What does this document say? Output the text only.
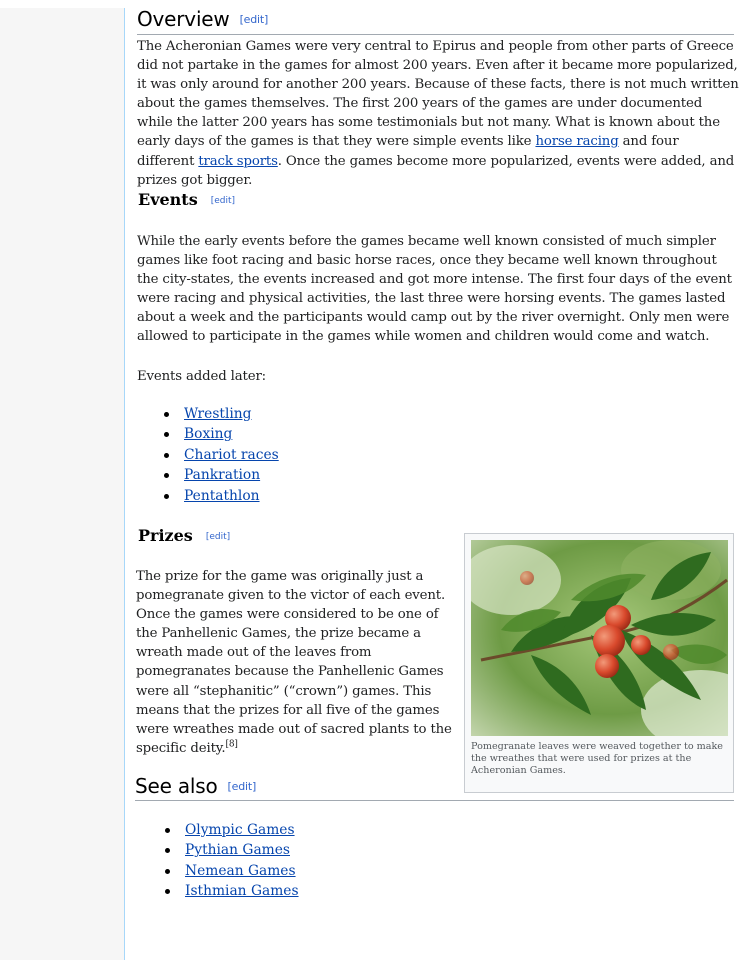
Overview [edit]

The Acheronian Games were very central to Epirus and people from other parts of Greece did not partake in the games for almost 200 years. Even after it became more popularized, it was only around for another 200 years. Because of these facts, there is not much written about the games themselves. The first 200 years of the games are under documented while the latter 200 years has some testimonials but not many. What is known about the early days of the games is that they were simple events like horse racing and four different track sports. Once the games become more popularized, events were added, and prizes got bigger.

Events [edit]

While the early events before the games became well known consisted of much simpler games like foot racing and basic horse races, once they became well known throughout the city-states, the events increased and got more intense. The first four days of the event were racing and physical activities, the last three were horsing events. The games lasted about a week and the participants would camp out by the river overnight. Only men were allowed to participate in the games while women and children would come and watch.

Events added later:

Wrestling
Boxing
Chariot races
Pankration
Pentathlon
Prizes [edit]

The prize for the game was originally just a pomegranate given to the victor of each event. Once the games were considered to be one of the Panhellenic Games, the prize became a wreath made out of the leaves from pomegranates because the Panhellenic Games were all “stephanitic” (“crown”) games. This means that the prizes for all five of the games were wreathes made out of sacred plants to the specific deity.[8]	Pomegranate leaves were weaved together to make the wreathes that were used for prizes at the Acheronian Games.
See also [edit]
Olympic Games
Pythian Games
Nemean Games
Isthmian Games
